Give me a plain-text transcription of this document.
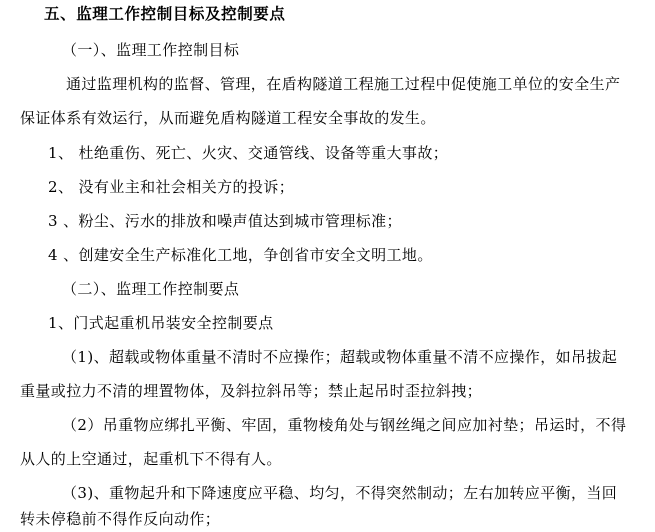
五、监理工作控制目标及控制要点
（一）、监理工作控制目标
通过监理机构的监督、管理，在盾构隧道工程施工过程中促使施工单位的安全生产
保证体系有效运行，从而避免盾构隧道工程安全事故的发生。
1、 杜绝重伤、死亡、火灾、交通管线、设备等重大事故；
2、 没有业主和社会相关方的投诉；
3 、粉尘、污水的排放和噪声值达到城市管理标准；
4 、创建安全生产标准化工地，争创省市安全文明工地。
（二）、监理工作控制要点
1、门式起重机吊装安全控制要点
（1)、超载或物体重量不清时不应操作；超载或物体重量不清不应操作，如吊拔起
重量或拉力不清的埋置物体，及斜拉斜吊等；禁止起吊时歪拉斜拽；
（2）吊重物应绑扎平衡、牢固，重物棱角处与钢丝绳之间应加衬垫；吊运时，不得
从人的上空通过，起重机下不得有人。
（3)、重物起升和下降速度应平稳、均匀，不得突然制动；左右加转应平衡，当回
转未停稳前不得作反向动作；
